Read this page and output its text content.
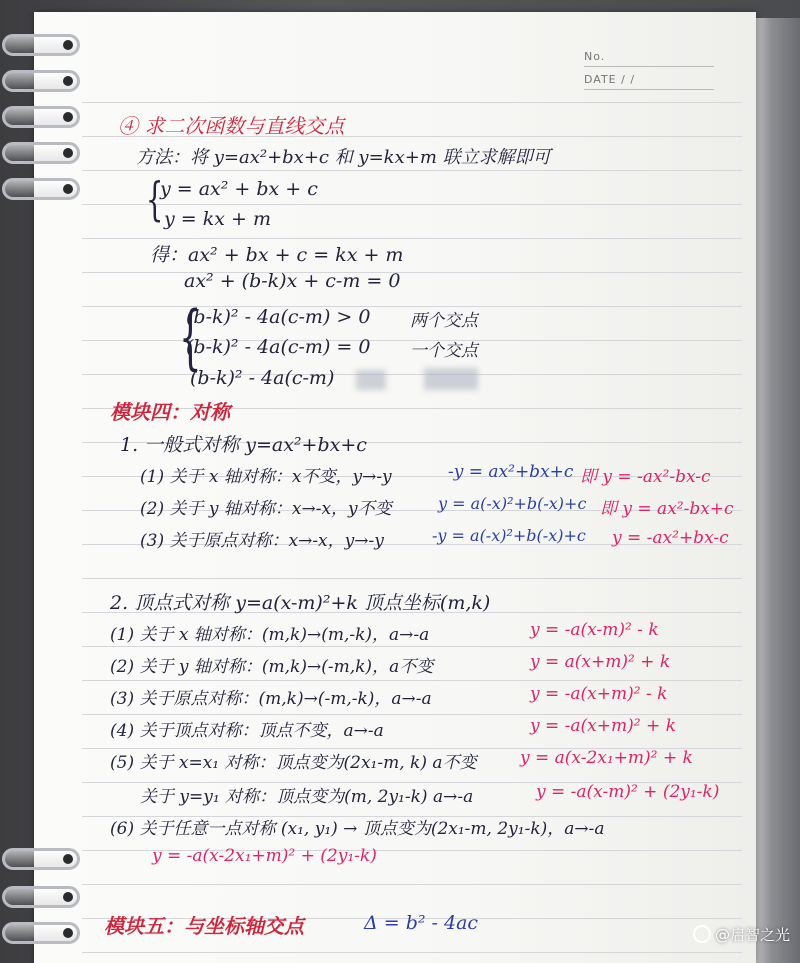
No.
DATE / /
④ 求二次函数与直线交点
方法：将 y=ax²+bx+c 和 y=kx+m 联立求解即可
{
y = ax² + bx + c
y = kx + m
得：ax² + bx + c = kx + m
ax² + (b-k)x + c-m = 0
{
(b-k)² - 4a(c-m) > 0 两个交点
(b-k)² - 4a(c-m) = 0 一个交点
(b-k)² - 4a(c-m)
模块四：对称
1. 一般式对称 y=ax²+bx+c
(1) 关于 x 轴对称：x不变，y→-y	-y = ax²+bx+c 即 y = -ax²-bx-c
(2) 关于 y 轴对称：x→-x，y不变	y = a(-x)²+b(-x)+c 即 y = ax²-bx+c
(3) 关于原点对称：x→-x，y→-y	-y = a(-x)²+b(-x)+c y = -ax²+bx-c
2. 顶点式对称 y=a(x-m)²+k 顶点坐标(m,k)
(1) 关于 x 轴对称：(m,k)→(m,-k)，a→-a	y = -a(x-m)² - k
(2) 关于 y 轴对称：(m,k)→(-m,k)，a不变	y = a(x+m)² + k
(3) 关于原点对称：(m,k)→(-m,-k)，a→-a	y = -a(x+m)² - k
(4) 关于顶点对称：顶点不变，a→-a	y = -a(x+m)² + k
(5) 关于 x=x₁ 对称：顶点变为(2x₁-m, k) a不变	y = a(x-2x₁+m)² + k
关于 y=y₁ 对称：顶点变为(m, 2y₁-k) a→-a	y = -a(x-m)² + (2y₁-k)
(6) 关于任意一点对称 (x₁, y₁) → 顶点变为(2x₁-m, 2y₁-k)，a→-a
y = -a(x-2x₁+m)² + (2y₁-k)
模块五：与坐标轴交点	Δ = b² - 4ac
@启智之光
